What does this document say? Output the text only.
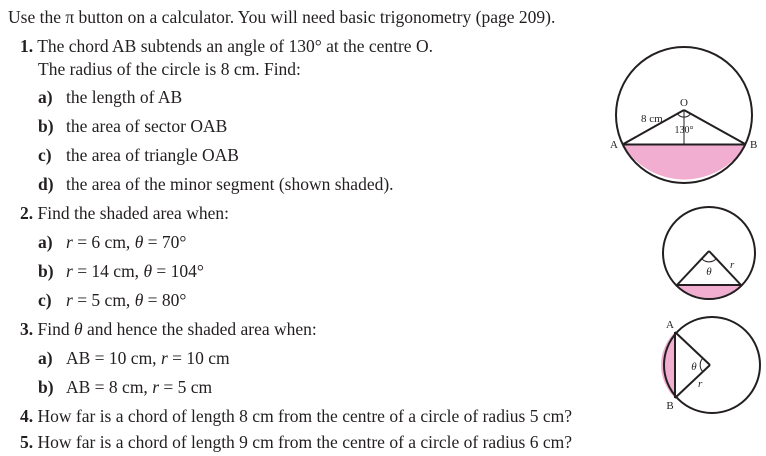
Use the π button on a calculator. You will need basic trigonometry (page 209).
1. The chord AB subtends an angle of 130° at the centre O.
The radius of the circle is 8 cm. Find:
a) the length of AB
b) the area of sector OAB
c) the area of triangle OAB
d) the area of the minor segment (shown shaded).
2. Find the shaded area when:
a) r = 6 cm, θ = 70°
b) r = 14 cm, θ = 104°
c) r = 5 cm, θ = 80°
3. Find θ and hence the shaded area when:
a) AB = 10 cm, r = 10 cm
b) AB = 8 cm, r = 5 cm
4. How far is a chord of length 8 cm from the centre of a circle of radius 5 cm?
5. How far is a chord of length 9 cm from the centre of a circle of radius 6 cm?
O
A	B
8 cm
130°
θ
r
A
B
θ
r
